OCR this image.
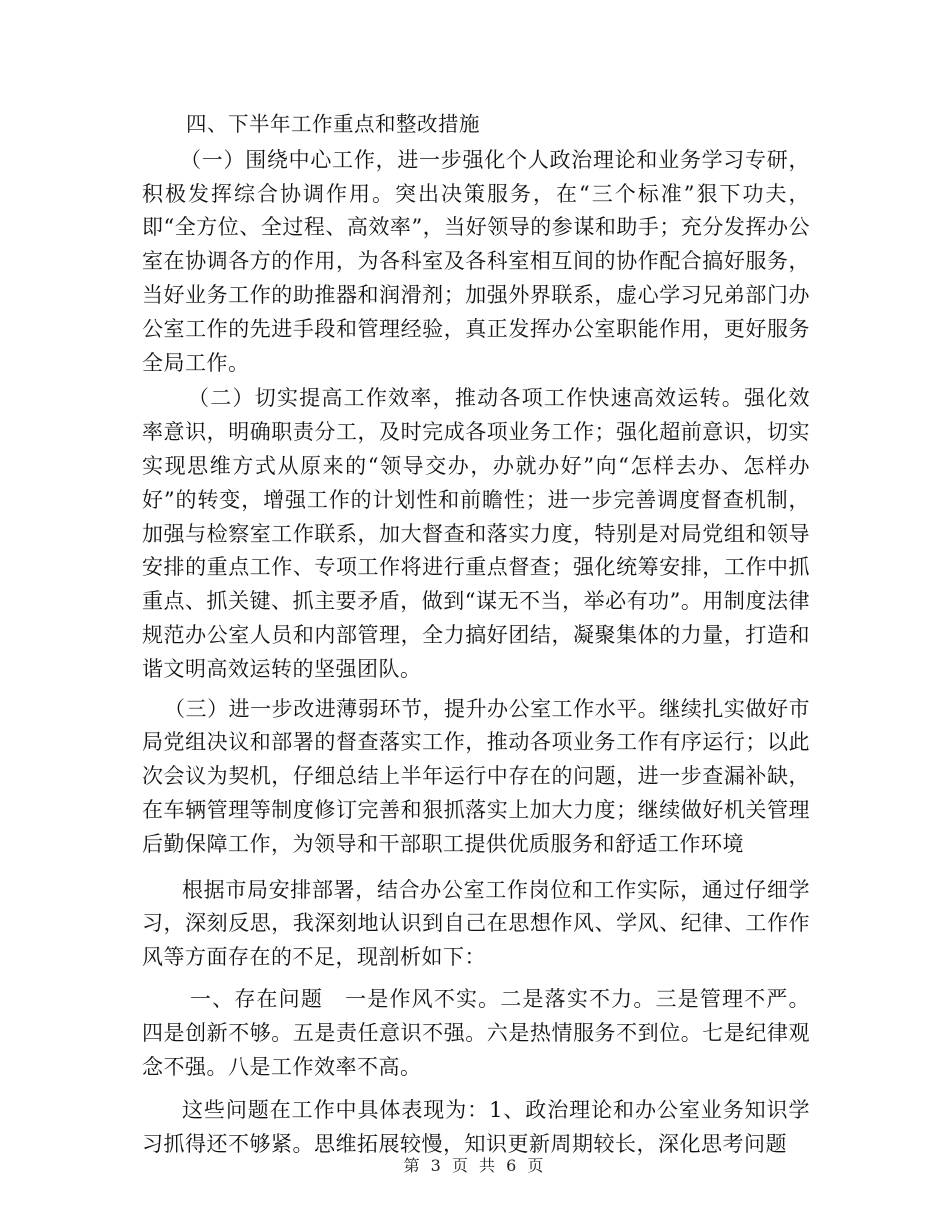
四、下半年工作重点和整改措施

（一）围绕中心工作，进一步强化个人政治理论和业务学习专研，积极发挥综合协调作用。突出决策服务，在“三个标准”狠下功夫，即“全方位、全过程、高效率”，当好领导的参谋和助手；充分发挥办公室在协调各方的作用，为各科室及各科室相互间的协作配合搞好服务，当好业务工作的助推器和润滑剂；加强外界联系，虚心学习兄弟部门办公室工作的先进手段和管理经验，真正发挥办公室职能作用，更好服务全局工作。

（二）切实提高工作效率，推动各项工作快速高效运转。强化效率意识，明确职责分工，及时完成各项业务工作；强化超前意识，切实实现思维方式从原来的“领导交办，办就办好”向“怎样去办、怎样办好”的转变，增强工作的计划性和前瞻性；进一步完善调度督查机制，加强与检察室工作联系，加大督查和落实力度，特别是对局党组和领导安排的重点工作、专项工作将进行重点督查；强化统筹安排，工作中抓重点、抓关键、抓主要矛盾，做到“谋无不当，举必有功”。用制度法律规范办公室人员和内部管理，全力搞好团结，凝聚集体的力量，打造和谐文明高效运转的坚强团队。

（三）进一步改进薄弱环节，提升办公室工作水平。继续扎实做好市局党组决议和部署的督查落实工作，推动各项业务工作有序运行；以此次会议为契机，仔细总结上半年运行中存在的问题，进一步查漏补缺，在车辆管理等制度修订完善和狠抓落实上加大力度；继续做好机关管理后勤保障工作，为领导和干部职工提供优质服务和舒适工作环境

根据市局安排部署，结合办公室工作岗位和工作实际，通过仔细学习，深刻反思，我深刻地认识到自己在思想作风、学风、纪律、工作作风等方面存在的不足，现剖析如下：

一、存在问题　一是作风不实。二是落实不力。三是管理不严。四是创新不够。五是责任意识不强。六是热情服务不到位。七是纪律观念不强。八是工作效率不高。

这些问题在工作中具体表现为：1、政治理论和办公室业务知识学习抓得还不够紧。思维拓展较慢，知识更新周期较长，深化思考问题

第 3 页 共 6 页
